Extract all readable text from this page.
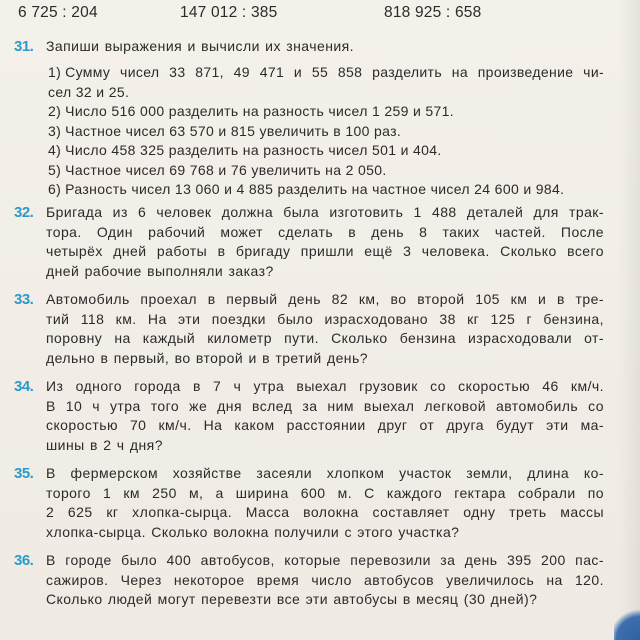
6 725 : 204	147 012 : 385	818 925 : 658
31. Запиши выражения и вычисли их значения.
1) Сумму чисел 33 871, 49 471 и 55 858 разделить на произведение чи-
сел 32 и 25.
2) Число 516 000 разделить на разность чисел 1 259 и 571.
3) Частное чисел 63 570 и 815 увеличить в 100 раз.
4) Число 458 325 разделить на разность чисел 501 и 404.
5) Частное чисел 69 768 и 76 увеличить на 2 050.
6) Разность чисел 13 060 и 4 885 разделить на частное чисел 24 600 и 984.
32. Бригада из 6 человек должна была изготовить 1 488 деталей для трак-
тора. Один рабочий может сделать в день 8 таких частей. После
четырёх дней работы в бригаду пришли ещё 3 человека. Сколько всего
дней рабочие выполняли заказ?
33. Автомобиль проехал в первый день 82 км, во второй 105 км и в тре-
тий 118 км. На эти поездки было израсходовано 38 кг 125 г бензина,
поровну на каждый километр пути. Сколько бензина израсходовали от-
дельно в первый, во второй и в третий день?
34. Из одного города в 7 ч утра выехал грузовик со скоростью 46 км/ч.
В 10 ч утра того же дня вслед за ним выехал легковой автомобиль со
скоростью 70 км/ч. На каком расстоянии друг от друга будут эти ма-
шины в 2 ч дня?
35. В фермерском хозяйстве засеяли хлопком участок земли, длина ко-
торого 1 км 250 м, а ширина 600 м. С каждого гектара собрали по
2 625 кг хлопка-сырца. Масса волокна составляет одну треть массы
хлопка-сырца. Сколько волокна получили с этого участка?
36. В городе было 400 автобусов, которые перевозили за день 395 200 пас-
сажиров. Через некоторое время число автобусов увеличилось на 120.
Сколько людей могут перевезти все эти автобусы в месяц (30 дней)?
